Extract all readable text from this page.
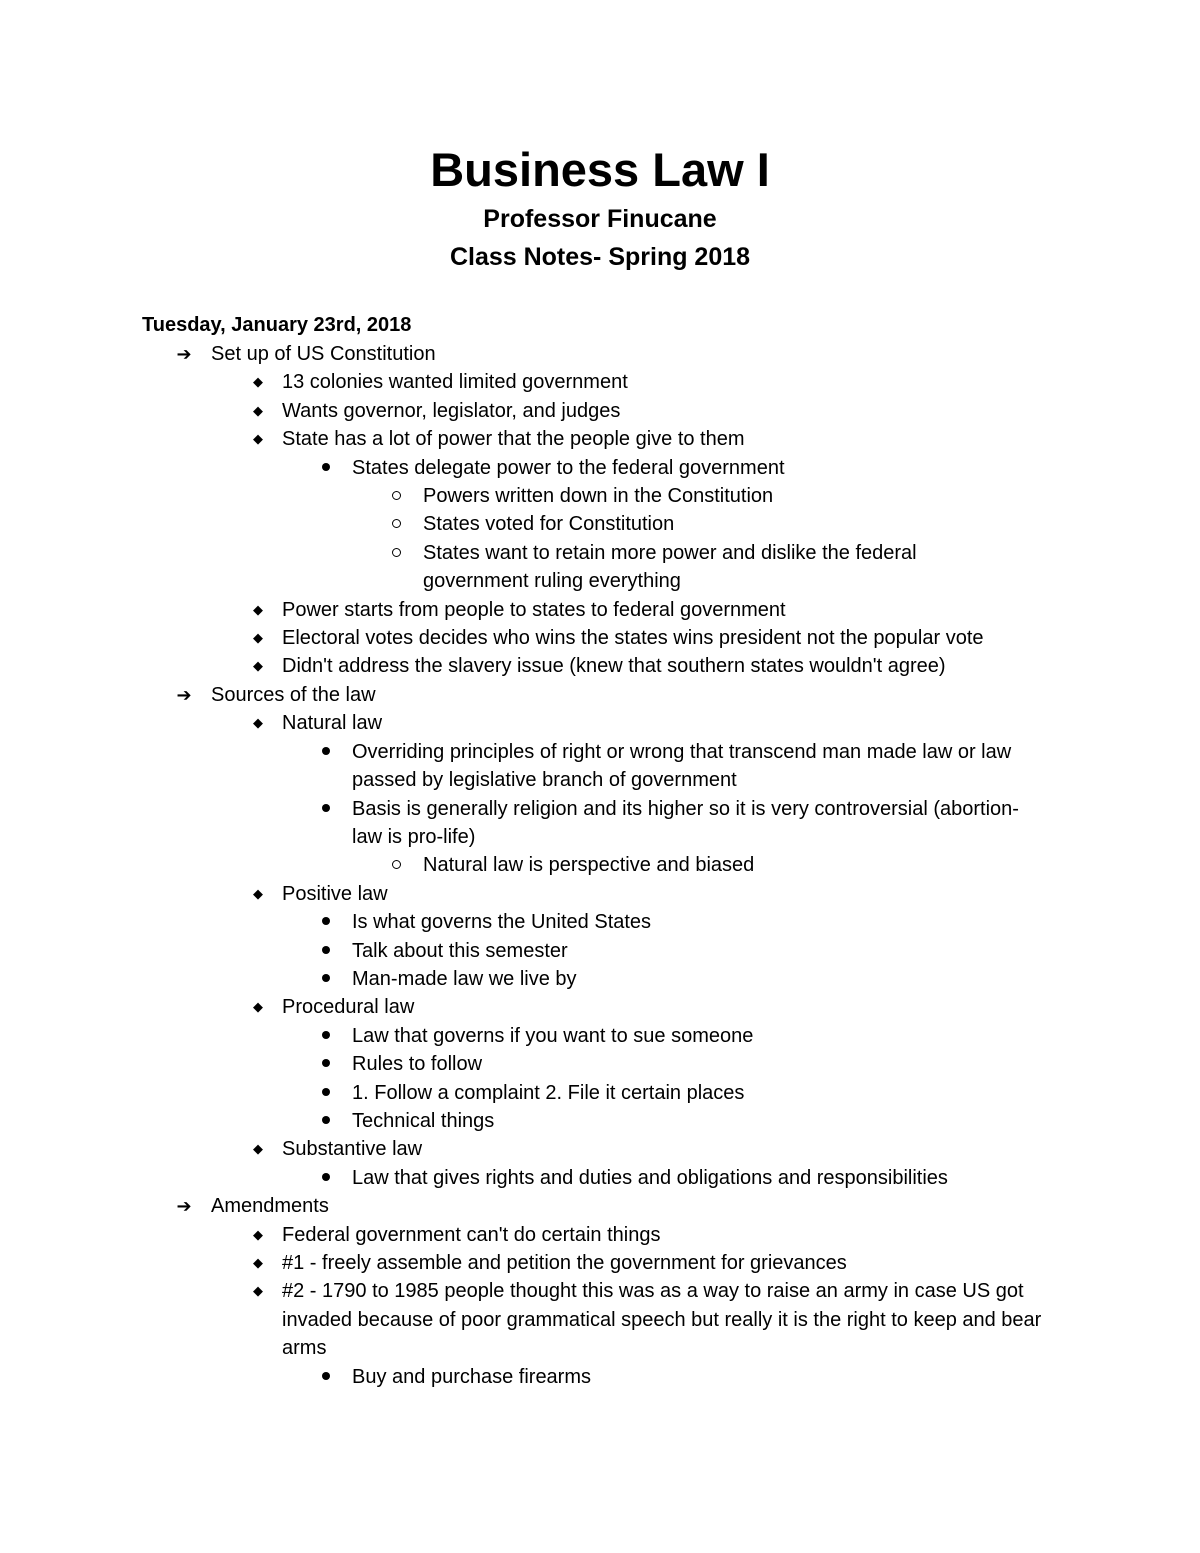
Business Law I
Professor Finucane
Class Notes- Spring 2018
Tuesday, January 23rd, 2018
➔ Set up of US Constitution
◆ 13 colonies wanted limited government
◆ Wants governor, legislator, and judges
◆ State has a lot of power that the people give to them
States delegate power to the federal government
Powers written down in the Constitution
States voted for Constitution
States want to retain more power and dislike the federal government ruling everything
◆ Power starts from people to states to federal government
◆ Electoral votes decides who wins the states wins president not the popular vote
◆ Didn't address the slavery issue (knew that southern states wouldn't agree)
➔ Sources of the law
◆ Natural law
Overriding principles of right or wrong that transcend man made law or law passed by legislative branch of government
Basis is generally religion and its higher so it is very controversial (abortion- law is pro-life)
Natural law is perspective and biased
◆ Positive law
Is what governs the United States
Talk about this semester
Man-made law we live by
◆ Procedural law
Law that governs if you want to sue someone
Rules to follow
1. Follow a complaint 2. File it certain places
Technical things
◆ Substantive law
Law that gives rights and duties and obligations and responsibilities
➔ Amendments
◆ Federal government can't do certain things
◆ #1 - freely assemble and petition the government for grievances
◆ #2 - 1790 to 1985 people thought this was as a way to raise an army in case US got invaded because of poor grammatical speech but really it is the right to keep and bear arms
Buy and purchase firearms
